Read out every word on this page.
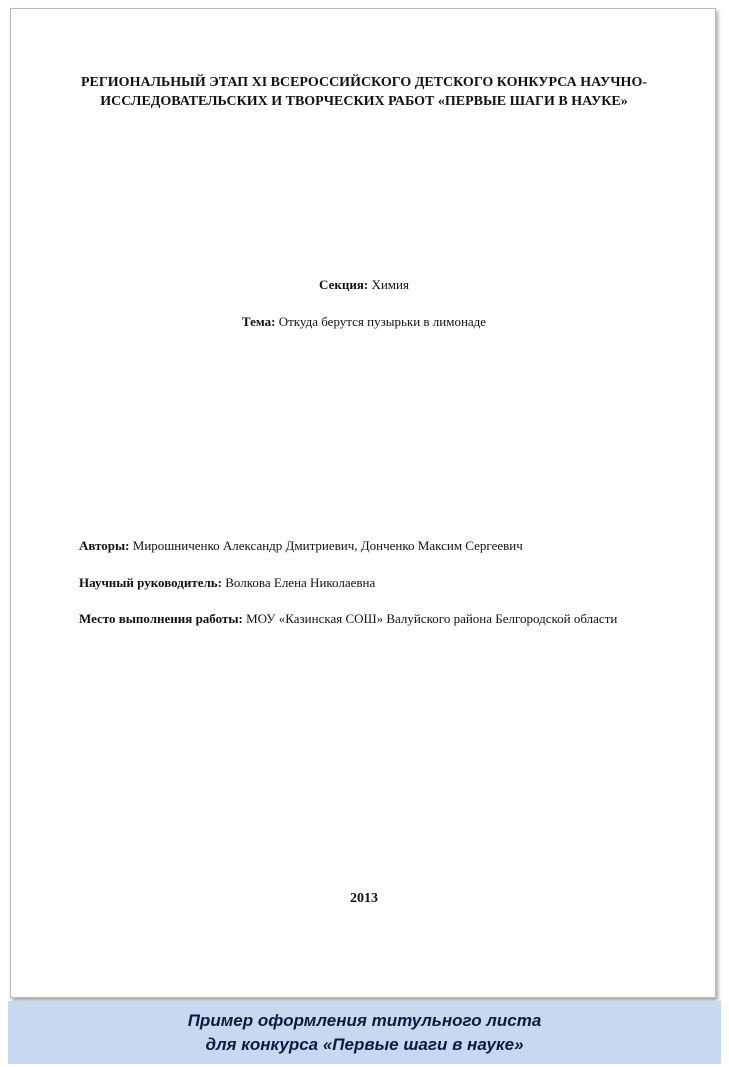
РЕГИОНАЛЬНЫЙ ЭТАП XI ВСЕРОССИЙСКОГО ДЕТСКОГО КОНКУРСА НАУЧНО-
ИССЛЕДОВАТЕЛЬСКИХ И ТВОРЧЕСКИХ РАБОТ «ПЕРВЫЕ ШАГИ В НАУКЕ»
Секция: Химия
Тема: Откуда берутся пузырьки в лимонаде
Авторы: Мирошниченко Александр Дмитриевич, Донченко Максим Сергеевич
Научный руководитель: Волкова Елена Николаевна
Место выполнения работы: МОУ «Казинская СОШ» Валуйского района Белгородской области
2013
Пример оформления титульного листа
для конкурса «Первые шаги в науке»
